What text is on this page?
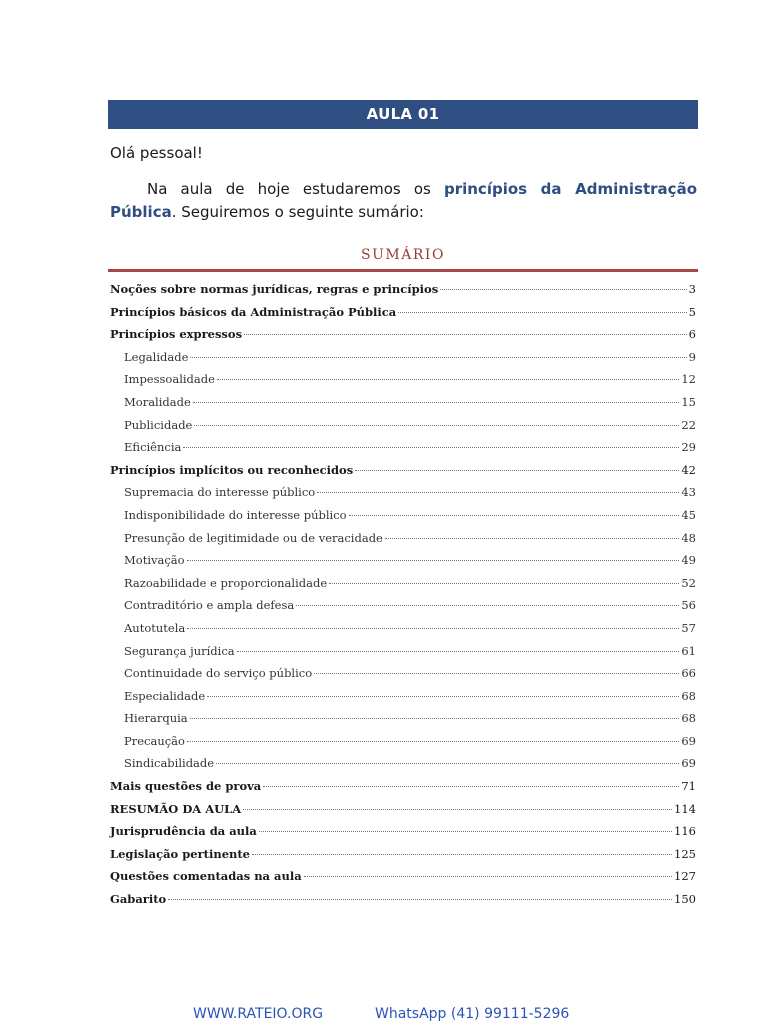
AULA 01
Olá pessoal!
Na aula de hoje estudaremos os princípios da Administração Pública. Seguiremos o seguinte sumário:
SUMÁRIO
Noções sobre normas jurídicas, regras e princípios	3
Princípios básicos da Administração Pública	5
Princípios expressos	6
Legalidade	9
Impessoalidade	12
Moralidade	15
Publicidade	22
Eficiência	29
Princípios implícitos ou reconhecidos	42
Supremacia do interesse público	43
Indisponibilidade do interesse público	45
Presunção de legitimidade ou de veracidade	48
Motivação	49
Razoabilidade e proporcionalidade	52
Contraditório e ampla defesa	56
Autotutela	57
Segurança jurídica	61
Continuidade do serviço público	66
Especialidade	68
Hierarquia	68
Precaução	69
Sindicabilidade	69
Mais questões de prova	71
RESUMÃO DA AULA	114
Jurisprudência da aula	116
Legislação pertinente	125
Questões comentadas na aula	127
Gabarito	150
WWW.RATEIO.ORG	WhatsApp (41) 99111-5296
